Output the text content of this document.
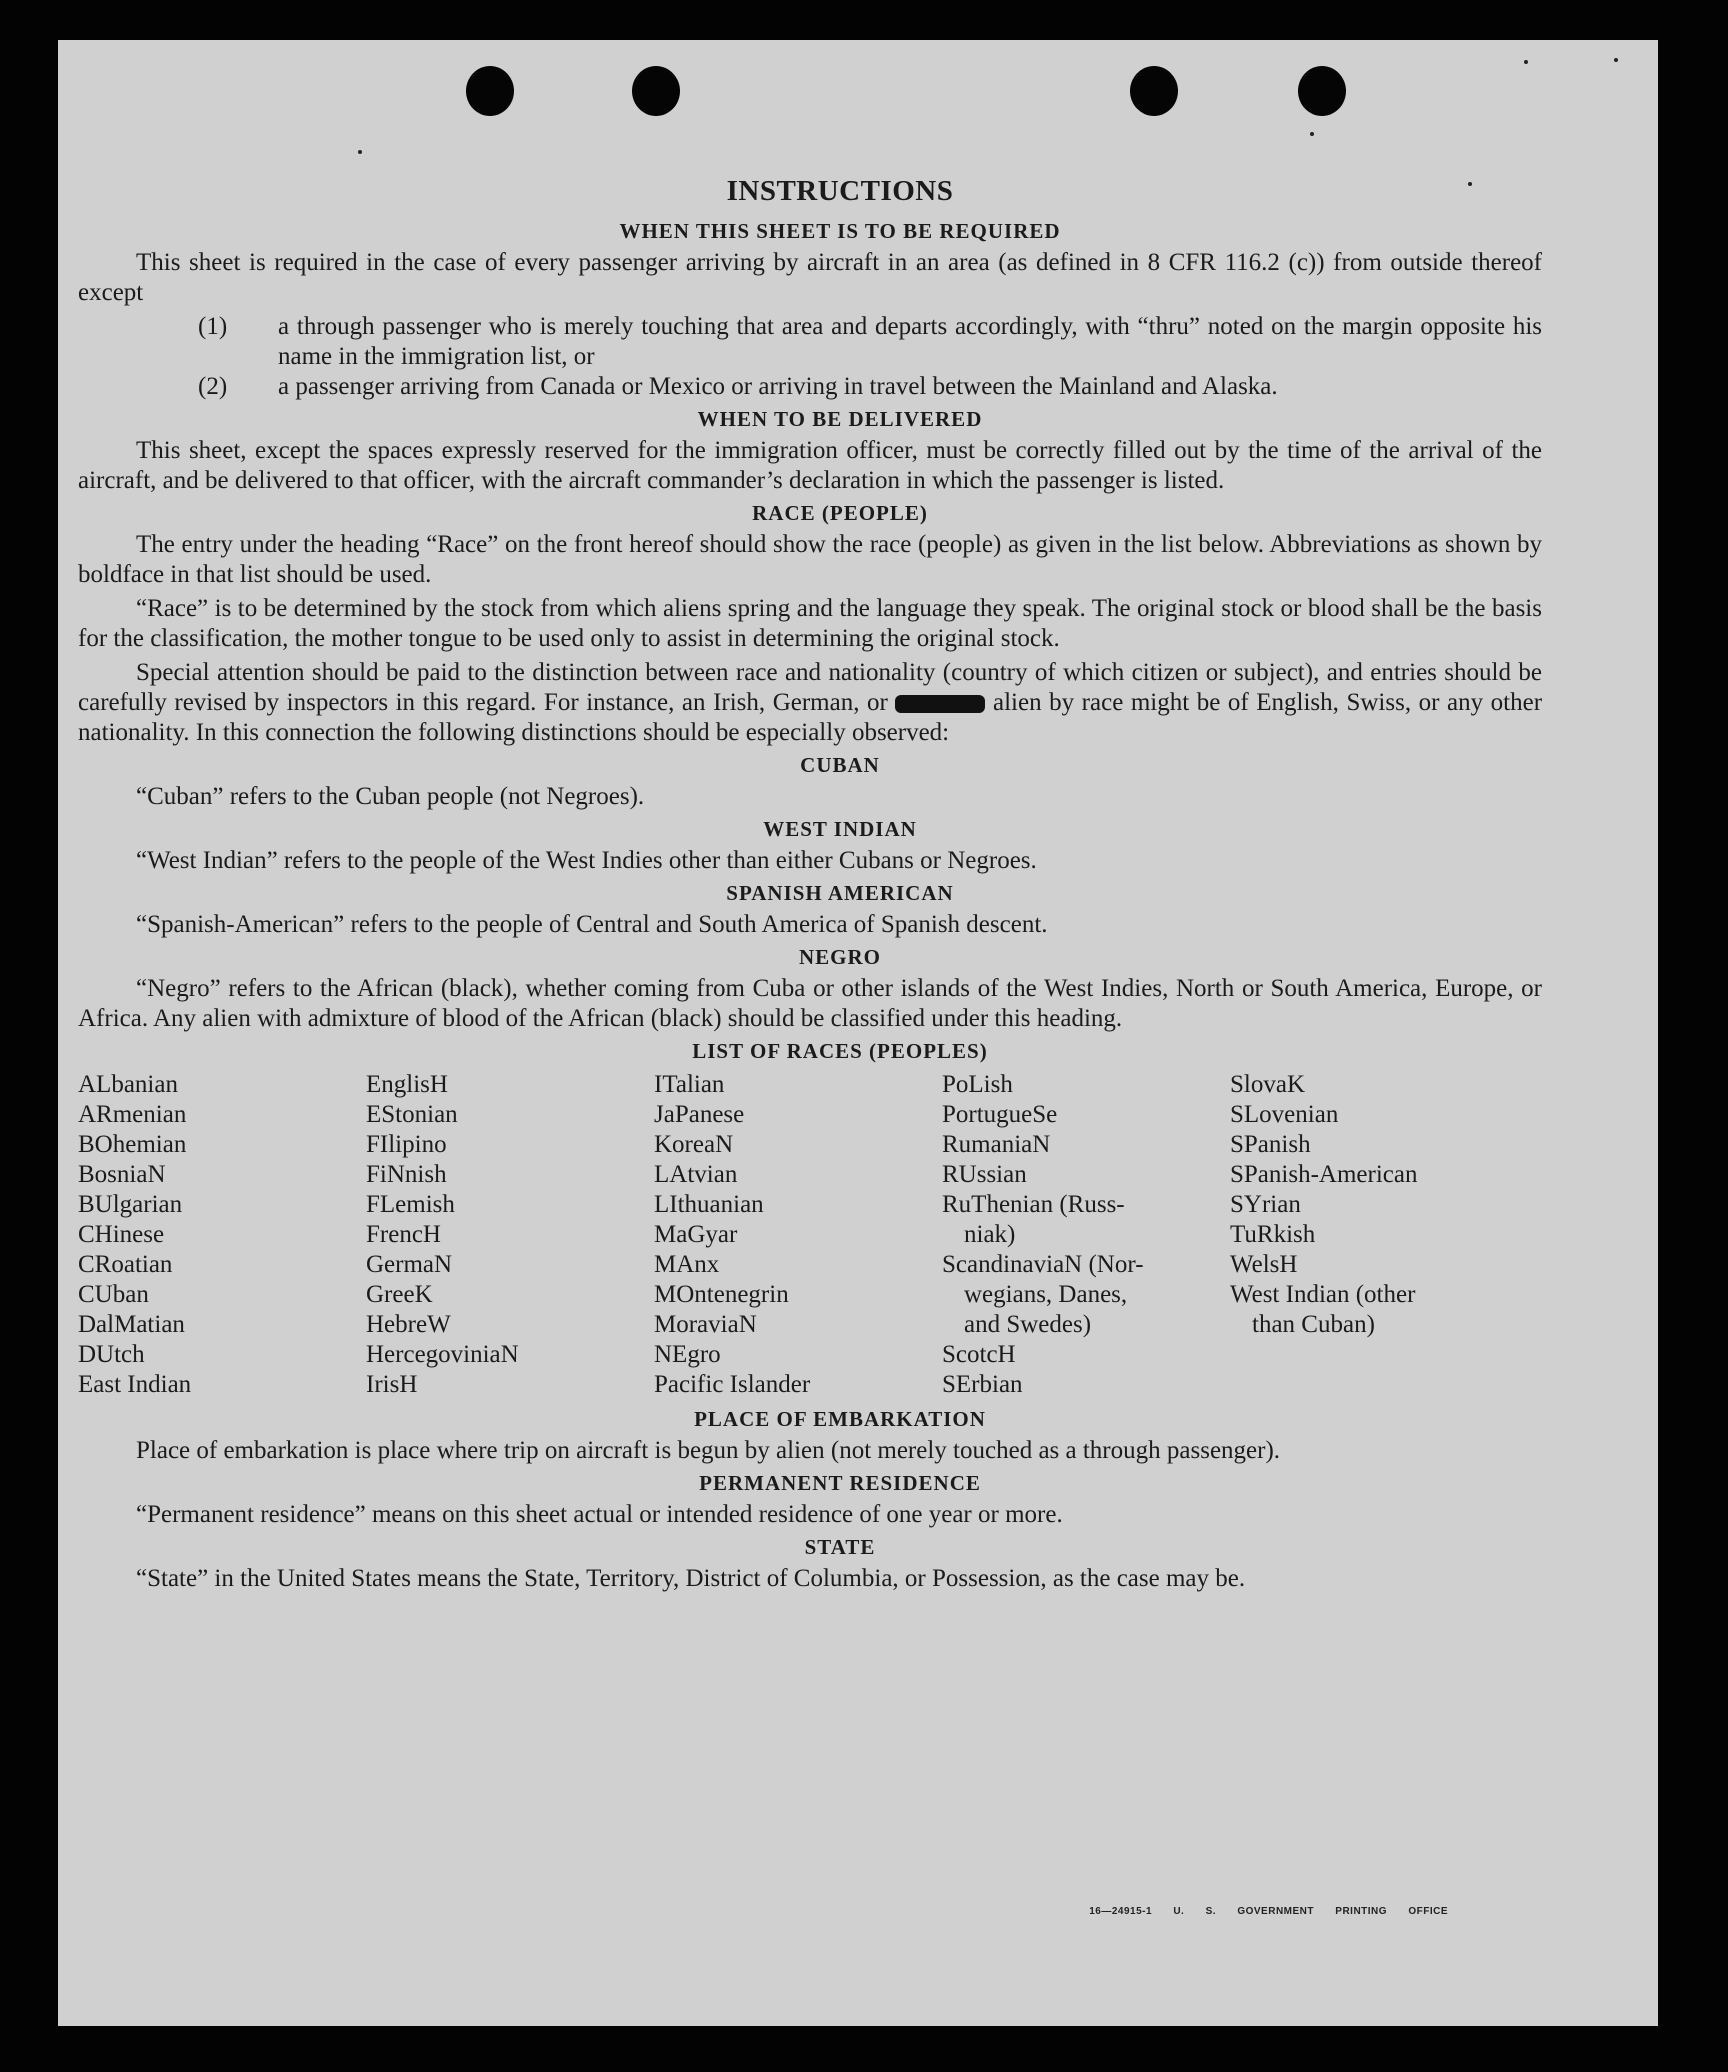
INSTRUCTIONS
WHEN THIS SHEET IS TO BE REQUIRED

This sheet is required in the case of every passenger arriving by aircraft in an area (as defined in 8 CFR 116.2 (c)) from outside thereof except

(1) a through passenger who is merely touching that area and departs accordingly, with “thru” noted on the margin opposite his name in the immigration list, or
(2) a passenger arriving from Canada or Mexico or arriving in travel between the Mainland and Alaska.
WHEN TO BE DELIVERED

This sheet, except the spaces expressly reserved for the immigration officer, must be correctly filled out by the time of the arrival of the aircraft, and be delivered to that officer, with the aircraft commander’s declaration in which the passenger is listed.

RACE (PEOPLE)

The entry under the heading “Race” on the front hereof should show the race (people) as given in the list below. Abbreviations as shown by boldface in that list should be used.

“Race” is to be determined by the stock from which aliens spring and the language they speak. The original stock or blood shall be the basis for the classification, the mother tongue to be used only to assist in determining the original stock.

Special attention should be paid to the distinction between race and nationality (country of which citizen or subject), and entries should be carefully revised by inspectors in this regard. For instance, an Irish, German, or	alien by race might be of English, Swiss, or any other nationality. In this connection the following distinctions should be especially observed:

CUBAN

“Cuban” refers to the Cuban people (not Negroes).

WEST INDIAN

“West Indian” refers to the people of the West Indies other than either Cubans or Negroes.

SPANISH AMERICAN

“Spanish-American” refers to the people of Central and South America of Spanish descent.

NEGRO

“Negro” refers to the African (black), whether coming from Cuba or other islands of the West Indies, North or South America, Europe, or Africa. Any alien with admixture of blood of the African (black) should be classified under this heading.

LIST OF RACES (PEOPLES)
ALbanian
ARmenian
BOhemian
BosniaN
BUlgarian
CHinese
CRoatian
CUban
DalMatian
DUtch
East Indian
EnglisH
EStonian
FIlipino
FiNnish
FLemish
FrencH
GermaN
GreeK
HebreW
HercegoviniaN
IrisH
ITalian
JaPanese
KoreaN
LAtvian
LIthuanian
MaGyar
MAnx
MOntenegrin
MoraviaN
NEgro
Pacific Islander
PoLish
PortugueSe
RumaniaN
RUssian
RuThenian (Russ-
niak)
ScandinaviaN (Nor-
wegians, Danes,
and Swedes)
ScotcH
SErbian
SlovaK
SLovenian
SPanish
SPanish-American
SYrian
TuRkish
WelsH
West Indian (other
than Cuban)
PLACE OF EMBARKATION

Place of embarkation is place where trip on aircraft is begun by alien (not merely touched as a through passenger).

PERMANENT RESIDENCE

“Permanent residence” means on this sheet actual or intended residence of one year or more.

STATE

“State” in the United States means the State, Territory, District of Columbia, or Possession, as the case may be.

16—24915-1 U. S. GOVERNMENT PRINTING OFFICE
